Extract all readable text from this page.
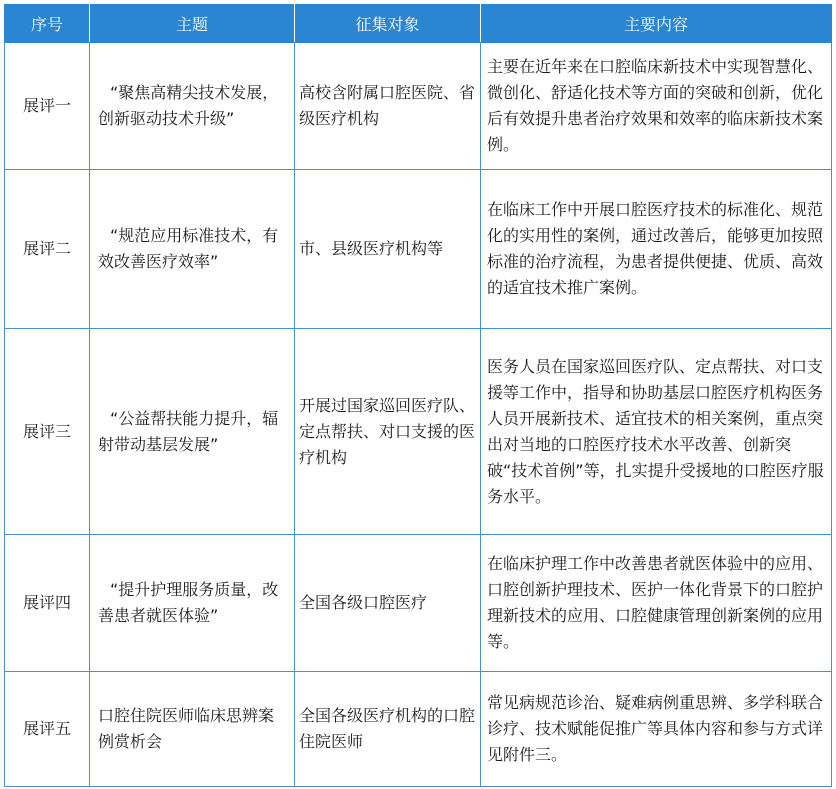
序号	主题	征集对象	主要内容
展评一	“聚焦高精尖技术发展，创新驱动技术升级”	高校含附属口腔医院、省级医疗机构	主要在近年来在口腔临床新技术中实现智慧化、微创化、舒适化技术等方面的突破和创新，优化后有效提升患者治疗效果和效率的临床新技术案例。
展评二	“规范应用标准技术，有效改善医疗效率”	市、县级医疗机构等	在临床工作中开展口腔医疗技术的标准化、规范化的实用性的案例，通过改善后，能够更加按照标准的治疗流程，为患者提供便捷、优质、高效的适宜技术推广案例。
展评三	“公益帮扶能力提升，辐射带动基层发展”	开展过国家巡回医疗队、定点帮扶、对口支援的医疗机构	医务人员在国家巡回医疗队、定点帮扶、对口支援等工作中，指导和协助基层口腔医疗机构医务人员开展新技术、适宜技术的相关案例，重点突出对当地的口腔医疗技术水平改善、创新突破“技术首例”等，扎实提升受援地的口腔医疗服务水平。
展评四	“提升护理服务质量，改善患者就医体验”	全国各级口腔医疗	在临床护理工作中改善患者就医体验中的应用、口腔创新护理技术、医护一体化背景下的口腔护理新技术的应用、口腔健康管理创新案例的应用等。
展评五	口腔住院医师临床思辨案例赏析会	全国各级医疗机构的口腔住院医师	常见病规范诊治、疑难病例重思辨、多学科联合诊疗、技术赋能促推广等具体内容和参与方式详见附件三。
